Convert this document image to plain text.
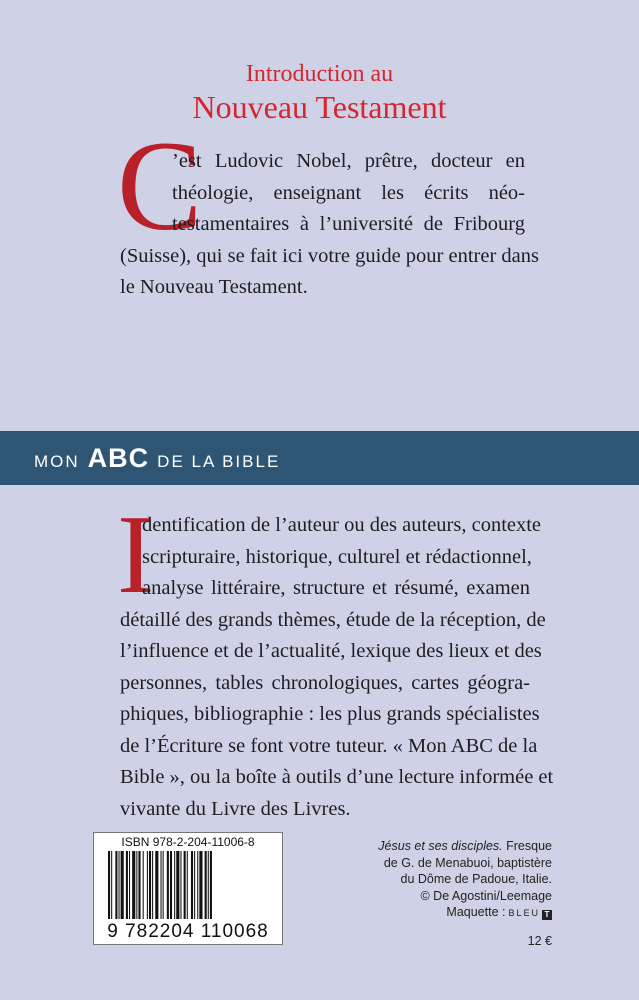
Introduction au
Nouveau Testament
C

’est Ludovic Nobel, prêtre, docteur en

théologie, enseignant les écrits néo-

testamentaires à l’université de Fribourg

(Suisse), qui se fait ici votre guide pour entrer dans

le Nouveau Testament.

MON ABC DE LA BIBLE
I

dentification de l’auteur ou des auteurs, contexte

scripturaire, historique, culturel et rédactionnel,

analyse littéraire, structure et résumé, examen

détaillé des grands thèmes, étude de la réception, de

l’influence et de l’actualité, lexique des lieux et des

personnes, tables chronologiques, cartes géogra-

phiques, bibliographie : les plus grands spécialistes

de l’Écriture se font votre tuteur. « Mon ABC de la

Bible », ou la boîte à outils d’une lecture informée et

vivante du Livre des Livres.

ISBN 978-2-204-11006-8
9 782204 110068
Jésus et ses disciples. Fresque
de G. de Menabuoi, baptistère
du Dôme de Padoue, Italie.
© De Agostini/Leemage
Maquette : BLEU T
12 €
